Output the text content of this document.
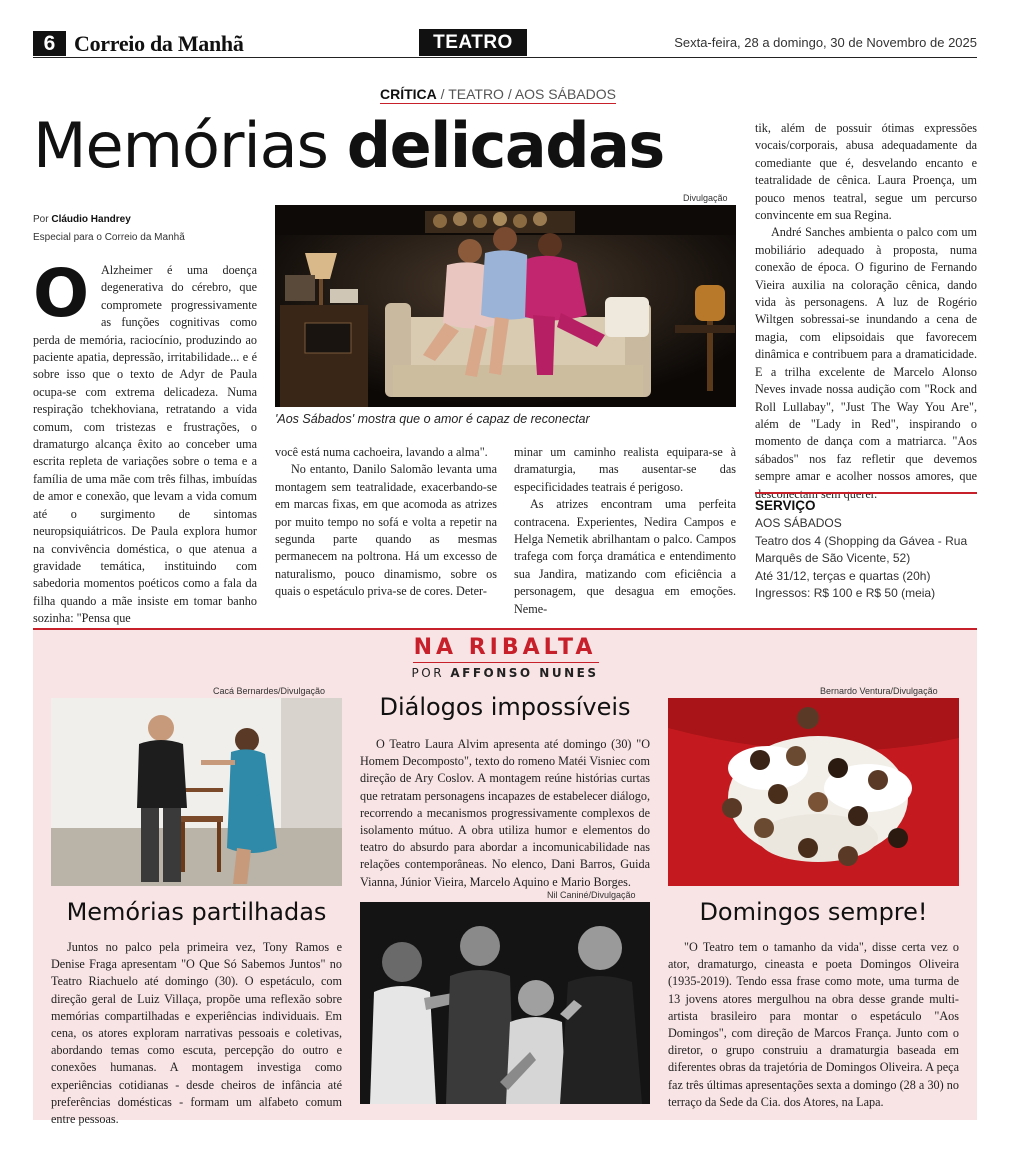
6 Correio da Manhã	TEATRO	Sexta-feira, 28 a domingo, 30 de Novembro de 2025
CRÍTICA / TEATRO / AOS SÁBADOS
Memórias delicadas
Por Cláudio Handrey
Especial para o Correio da Manhã
O Alzheimer é uma doença degenerativa do cérebro, que compromete progressivamente as funções cognitivas como perda de memória, raciocínio, produzindo ao paciente apatia, depressão, irritabilidade... e é sobre isso que o texto de Adyr de Paula ocupa-se com extrema delicadeza. Numa respiração tchekhoviana, retratando a vida comum, com tristezas e frustrações, o dramaturgo alcança êxito ao conceber uma escrita repleta de variações sobre o tema e a família de uma mãe com três filhas, imbuídas de amor e conexão, que levam a vida comum até o surgimento de sintomas neuropsiquiátricos. De Paula explora humor na convivência doméstica, o que atenua a gravidade temática, instituindo com sabedoria momentos poéticos como a fala da filha quando a mãe insiste em tomar banho sozinha: "Pensa que

Divulgação
'Aos Sábados' mostra que o amor é capaz de reconectar

você está numa cachoeira, lavando a alma".

No entanto, Danilo Salomão levanta uma montagem sem teatralidade, exacerbando-se em marcas fixas, em que acomoda as atrizes por muito tempo no sofá e volta a repetir na segunda parte quando as mesmas permanecem na poltrona. Há um excesso de naturalismo, pouco dinamismo, sobre os quais o espetáculo priva-se de cores. Deter-

minar um caminho realista equipara-se à dramaturgia, mas ausentar-se das especificidades teatrais é perigoso.

As atrizes encontram uma perfeita contracena. Experientes, Nedira Campos e Helga Nemetik abrilhantam o palco. Campos trafega com força dramática e entendimento sua Jandira, matizando com eficiência a personagem, que desagua em emoções. Neme-

tik, além de possuir ótimas expressões vocais/corporais, abusa adequadamente da comediante que é, desvelando encanto e teatralidade de cênica. Laura Proença, um pouco menos teatral, segue um percurso convincente em sua Regina.

André Sanches ambienta o palco com um mobiliário adequado à proposta, numa conexão de época. O figurino de Fernando Vieira auxilia na coloração cênica, dando vida às personagens. A luz de Rogério Wiltgen sobressai-se inundando a cena de magia, com elipsoidais que favorecem dinâmica e contribuem para a dramaticidade. E a trilha excelente de Marcelo Alonso Neves invade nossa audição com "Rock and Roll Lullabay", "Just The Way You Are", além de "Lady in Red", inspirando o momento de dança com a matriarca. "Aos sábados" nos faz refletir que devemos sempre amar e acolher nossos amores, que

SERVIÇO
AOS SÁBADOS
Teatro dos 4 (Shopping da Gávea - Rua Marquês de São Vicente, 52)
Até 31/12, terças e quartas (20h)
Ingressos: R$ 100 e R$ 50 (meia)
NA RIBALTA
POR AFFONSO NUNES
Cacá Bernardes/Divulgação
Memórias partilhadas
Juntos no palco pela primeira vez, Tony Ramos e Denise Fraga apresentam "O Que Só Sabemos Juntos" no Teatro Riachuelo até domingo (30). O espetáculo, com direção geral de Luiz Villaça, propõe uma reflexão sobre memórias compartilhadas e experiências individuais. Em cena, os atores exploram narrativas pessoais e coletivas, abordando temas como escuta, percepção do outro e conexões humanas. A montagem investiga como experiências cotidianas - desde cheiros de infância até preferências domésticas - formam um alfabeto comum entre pessoas.
Diálogos impossíveis
O Teatro Laura Alvim apresenta até domingo (30) "O Homem Decomposto", texto do romeno Matéi Visniec com direção de Ary Coslov. A montagem reúne histórias curtas que retratam personagens incapazes de estabelecer diálogo, recorrendo a mecanismos progressivamente complexos de isolamento mútuo. A obra utiliza humor e elementos do teatro do absurdo para abordar a incomunicabilidade nas relações contemporâneas. No elenco, Dani Barros, Guida Vianna, Júnior Vieira, Marcelo Aquino e Mario Borges.
Nil Caniné/Divulgação
Bernardo Ventura/Divulgação
Domingos sempre!
"O Teatro tem o tamanho da vida", disse certa vez o ator, dramaturgo, cineasta e poeta Domingos Oliveira (1935-2019). Tendo essa frase como mote, uma turma de 13 jovens atores mergulhou na obra desse grande multi-artista brasileiro para montar o espetáculo "Aos Domingos", com direção de Marcos França. Junto com o diretor, o grupo construiu a dramaturgia baseada em diferentes obras da trajetória de Domingos Oliveira. A peça faz três últimas apresentações sexta a domingo (28 a 30) no terraço da Sede da Cia. dos Atores, na Lapa.
